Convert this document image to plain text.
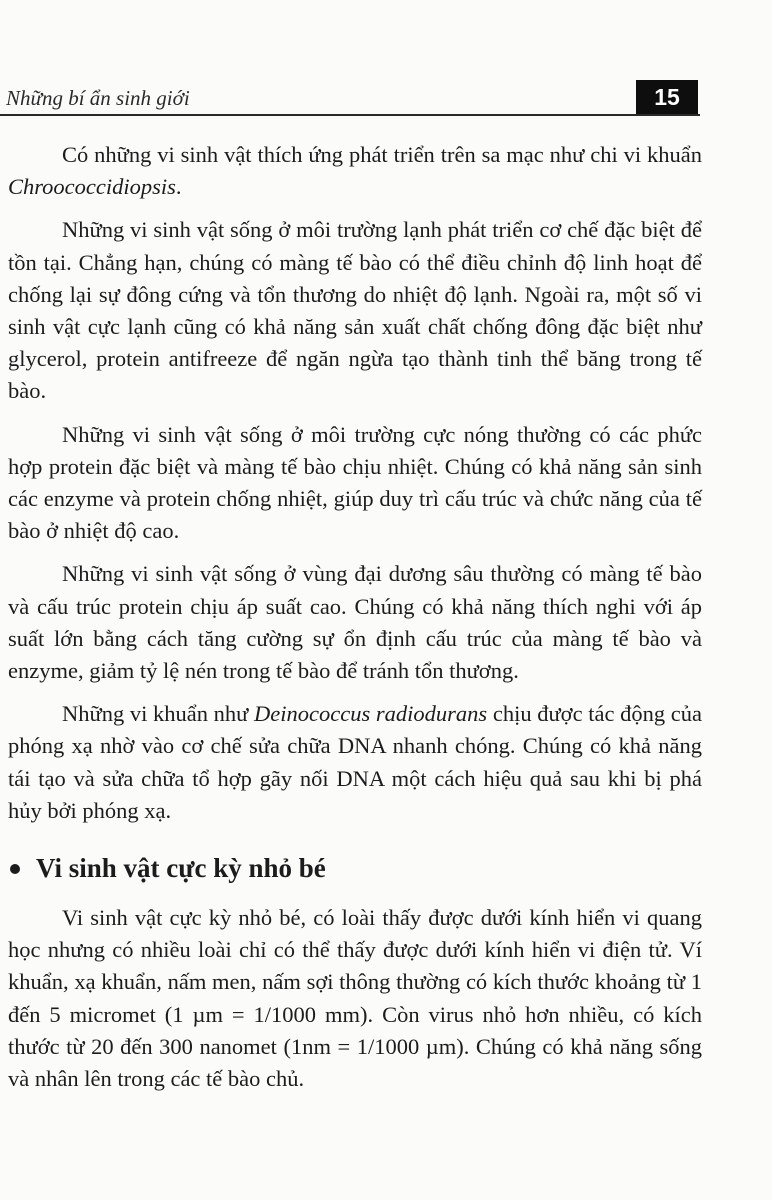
Những bí ẩn sinh giới	15

Có những vi sinh vật thích ứng phát triển trên sa mạc như chi vi khuẩn Chroococcidiopsis.

Những vi sinh vật sống ở môi trường lạnh phát triển cơ chế đặc biệt để tồn tại. Chẳng hạn, chúng có màng tế bào có thể điều chỉnh độ linh hoạt để chống lại sự đông cứng và tổn thương do nhiệt độ lạnh. Ngoài ra, một số vi sinh vật cực lạnh cũng có khả năng sản xuất chất chống đông đặc biệt như glycerol, protein antifreeze để ngăn ngừa tạo thành tinh thể băng trong tế bào.

Những vi sinh vật sống ở môi trường cực nóng thường có các phức hợp protein đặc biệt và màng tế bào chịu nhiệt. Chúng có khả năng sản sinh các enzyme và protein chống nhiệt, giúp duy trì cấu trúc và chức năng của tế bào ở nhiệt độ cao.

Những vi sinh vật sống ở vùng đại dương sâu thường có màng tế bào và cấu trúc protein chịu áp suất cao. Chúng có khả năng thích nghi với áp suất lớn bằng cách tăng cường sự ổn định cấu trúc của màng tế bào và enzyme, giảm tỷ lệ nén trong tế bào để tránh tổn thương.

Những vi khuẩn như Deinococcus radiodurans chịu được tác động của phóng xạ nhờ vào cơ chế sửa chữa DNA nhanh chóng. Chúng có khả năng tái tạo và sửa chữa tổ hợp gãy nối DNA một cách hiệu quả sau khi bị phá hủy bởi phóng xạ.

Vi sinh vật cực kỳ nhỏ bé

Vi sinh vật cực kỳ nhỏ bé, có loài thấy được dưới kính hiển vi quang học nhưng có nhiều loài chỉ có thể thấy được dưới kính hiển vi điện tử. Ví khuẩn, xạ khuẩn, nấm men, nấm sợi thông thường có kích thước khoảng từ 1 đến 5 micromet (1 µm = 1/1000 mm). Còn virus nhỏ hơn nhiều, có kích thước từ 20 đến 300 nanomet (1nm = 1/1000 µm). Chúng có khả năng sống và nhân lên trong các tế bào chủ.
